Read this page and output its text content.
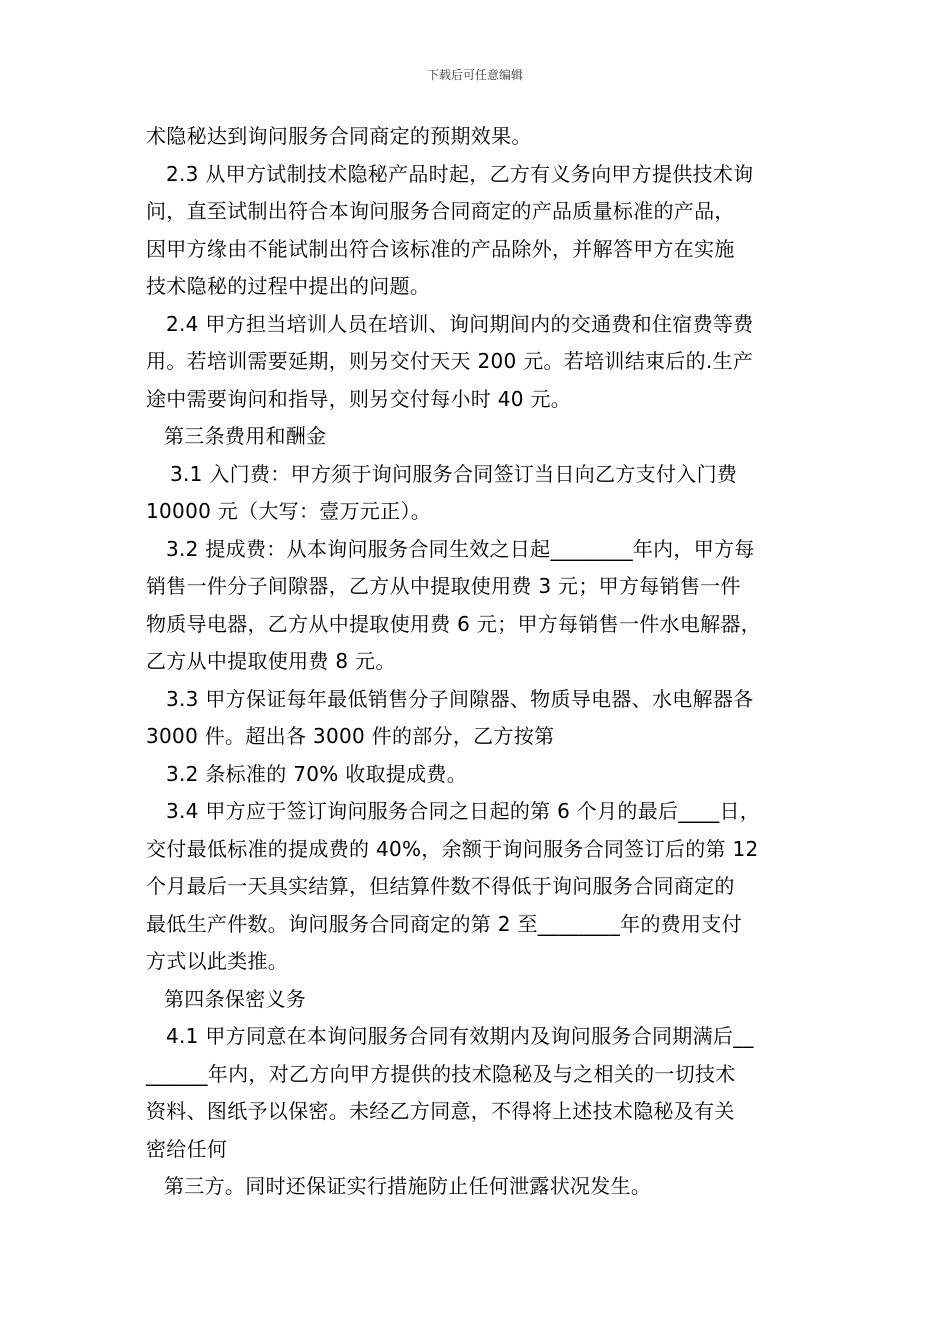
下载后可任意编辑
术隐秘达到询问服务合同商定的预期效果。
2.3 从甲方试制技术隐秘产品时起，乙方有义务向甲方提供技术询
问，直至试制出符合本询问服务合同商定的产品质量标准的产品，
因甲方缘由不能试制出符合该标准的产品除外，并解答甲方在实施
技术隐秘的过程中提出的问题。
2.4 甲方担当培训人员在培训、询问期间内的交通费和住宿费等费
用。若培训需要延期，则另交付天天 200 元。若培训结束后的.生产
途中需要询问和指导，则另交付每小时 40 元。
第三条费用和酬金
3.1 入门费：甲方须于询问服务合同签订当日向乙方支付入门费
10000 元（大写：壹万元正）。
3.2 提成费：从本询问服务合同生效之日起________年内，甲方每
销售一件分子间隙器，乙方从中提取使用费 3 元；甲方每销售一件
物质导电器，乙方从中提取使用费 6 元；甲方每销售一件水电解器，
乙方从中提取使用费 8 元。
3.3 甲方保证每年最低销售分子间隙器、物质导电器、水电解器各
3000 件。超出各 3000 件的部分，乙方按第
3.2 条标准的 70% 收取提成费。
3.4 甲方应于签订询问服务合同之日起的第 6 个月的最后____日，
交付最低标准的提成费的 40%，余额于询问服务合同签订后的第 12
个月最后一天具实结算，但结算件数不得低于询问服务合同商定的
最低生产件数。询问服务合同商定的第 2 至________年的费用支付
方式以此类推。
第四条保密义务
4.1 甲方同意在本询问服务合同有效期内及询问服务合同期满后__
______年内，对乙方向甲方提供的技术隐秘及与之相关的一切技术
资料、图纸予以保密。未经乙方同意，不得将上述技术隐秘及有关
密给任何
第三方。同时还保证实行措施防止任何泄露状况发生。
